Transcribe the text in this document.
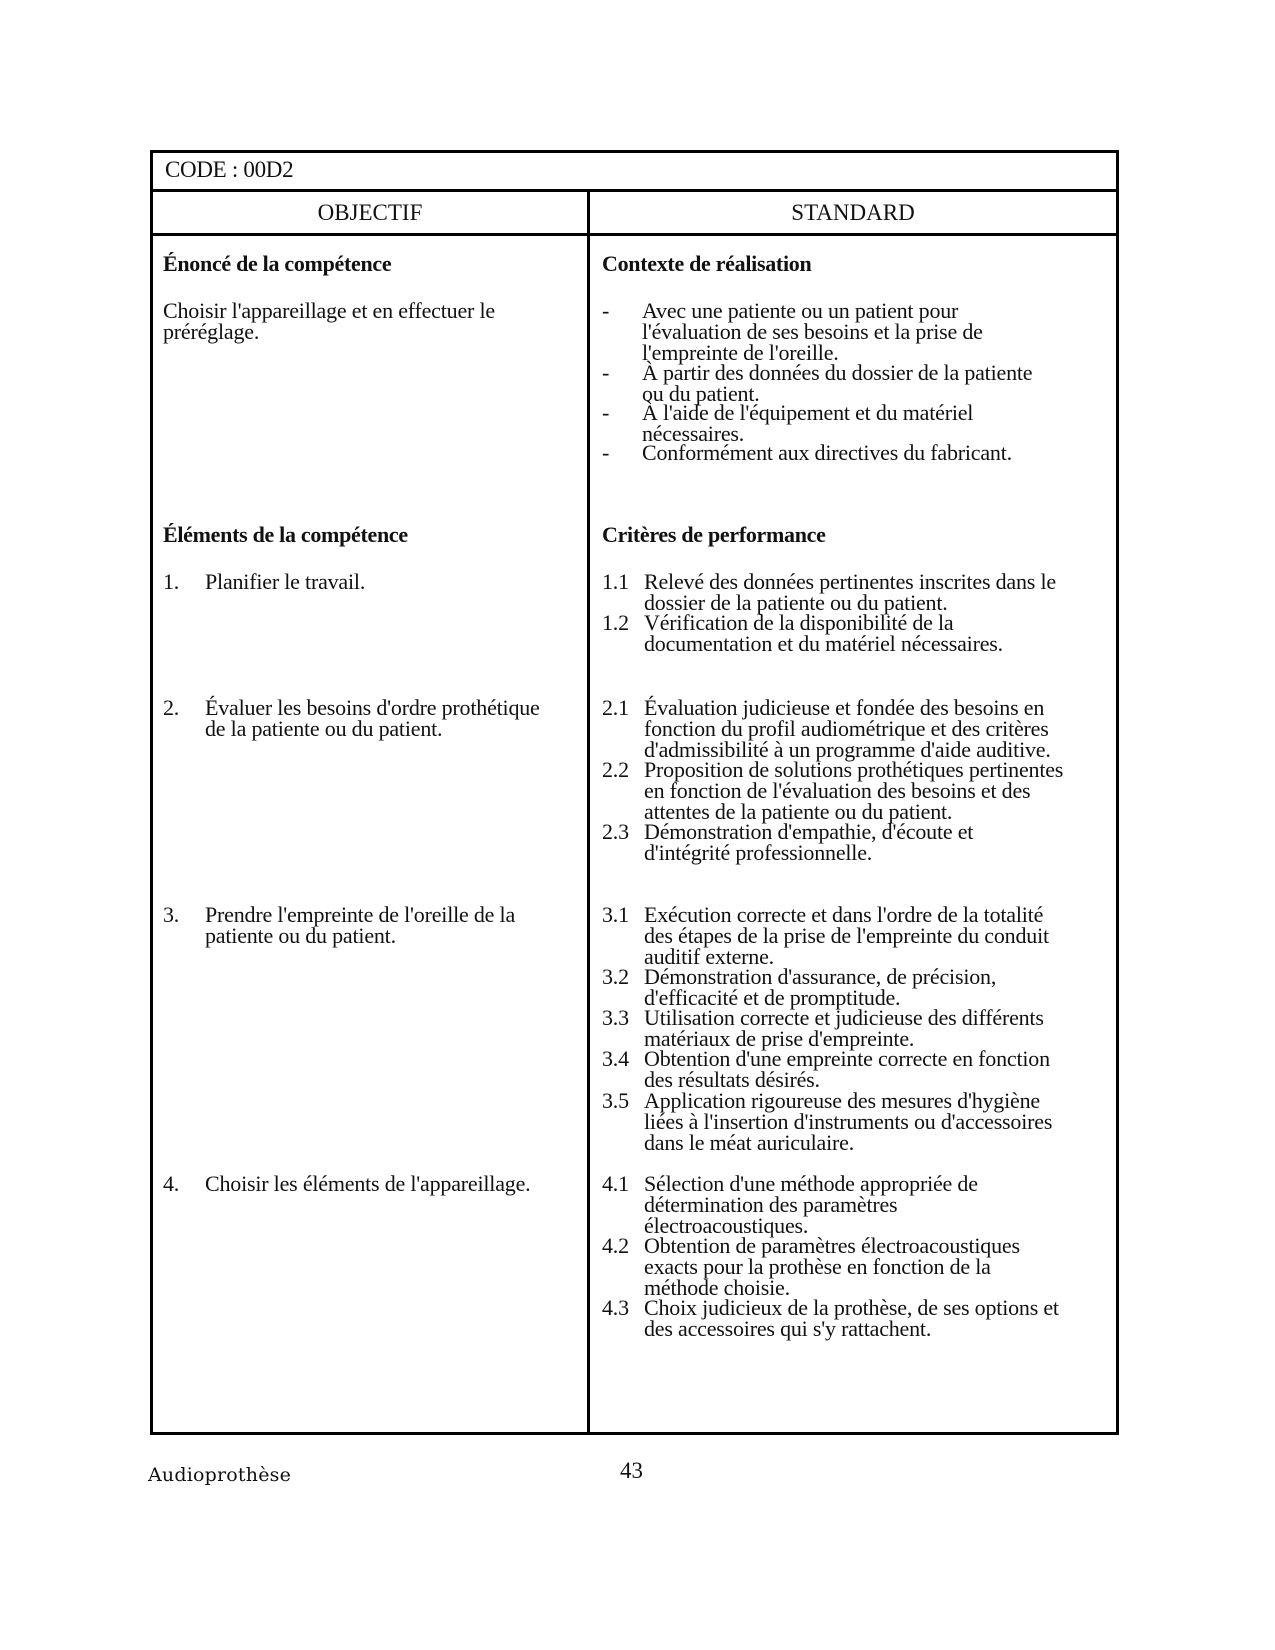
CODE : 00D2
OBJECTIF	STANDARD
Énoncé de la compétence
Choisir l'appareillage et en effectuer le
préréglage.
Éléments de la compétence
1. Planifier le travail.
2. Évaluer les besoins d'ordre prothétique
de la patiente ou du patient.
3. Prendre l'empreinte de l'oreille de la
patiente ou du patient.
4. Choisir les éléments de l'appareillage.
Contexte de réalisation
- Avec une patiente ou un patient pour
l'évaluation de ses besoins et la prise de
l'empreinte de l'oreille.
- À partir des données du dossier de la patiente
ou du patient.
- À l'aide de l'équipement et du matériel
nécessaires.
- Conformément aux directives du fabricant.
Critères de performance
1.1 Relevé des données pertinentes inscrites dans le
dossier de la patiente ou du patient.
1.2 Vérification de la disponibilité de la
documentation et du matériel nécessaires.
2.1 Évaluation judicieuse et fondée des besoins en
fonction du profil audiométrique et des critères
d'admissibilité à un programme d'aide auditive.
2.2 Proposition de solutions prothétiques pertinentes
en fonction de l'évaluation des besoins et des
attentes de la patiente ou du patient.
2.3 Démonstration d'empathie, d'écoute et
d'intégrité professionnelle.
3.1 Exécution correcte et dans l'ordre de la totalité
des étapes de la prise de l'empreinte du conduit
auditif externe.
3.2 Démonstration d'assurance, de précision,
d'efficacité et de promptitude.
3.3 Utilisation correcte et judicieuse des différents
matériaux de prise d'empreinte.
3.4 Obtention d'une empreinte correcte en fonction
des résultats désirés.
3.5 Application rigoureuse des mesures d'hygiène
liées à l'insertion d'instruments ou d'accessoires
dans le méat auriculaire.
4.1 Sélection d'une méthode appropriée de
détermination des paramètres
électroacoustiques.
4.2 Obtention de paramètres électroacoustiques
exacts pour la prothèse en fonction de la
méthode choisie.
4.3 Choix judicieux de la prothèse, de ses options et
des accessoires qui s'y rattachent.
Audioprothèse	43
